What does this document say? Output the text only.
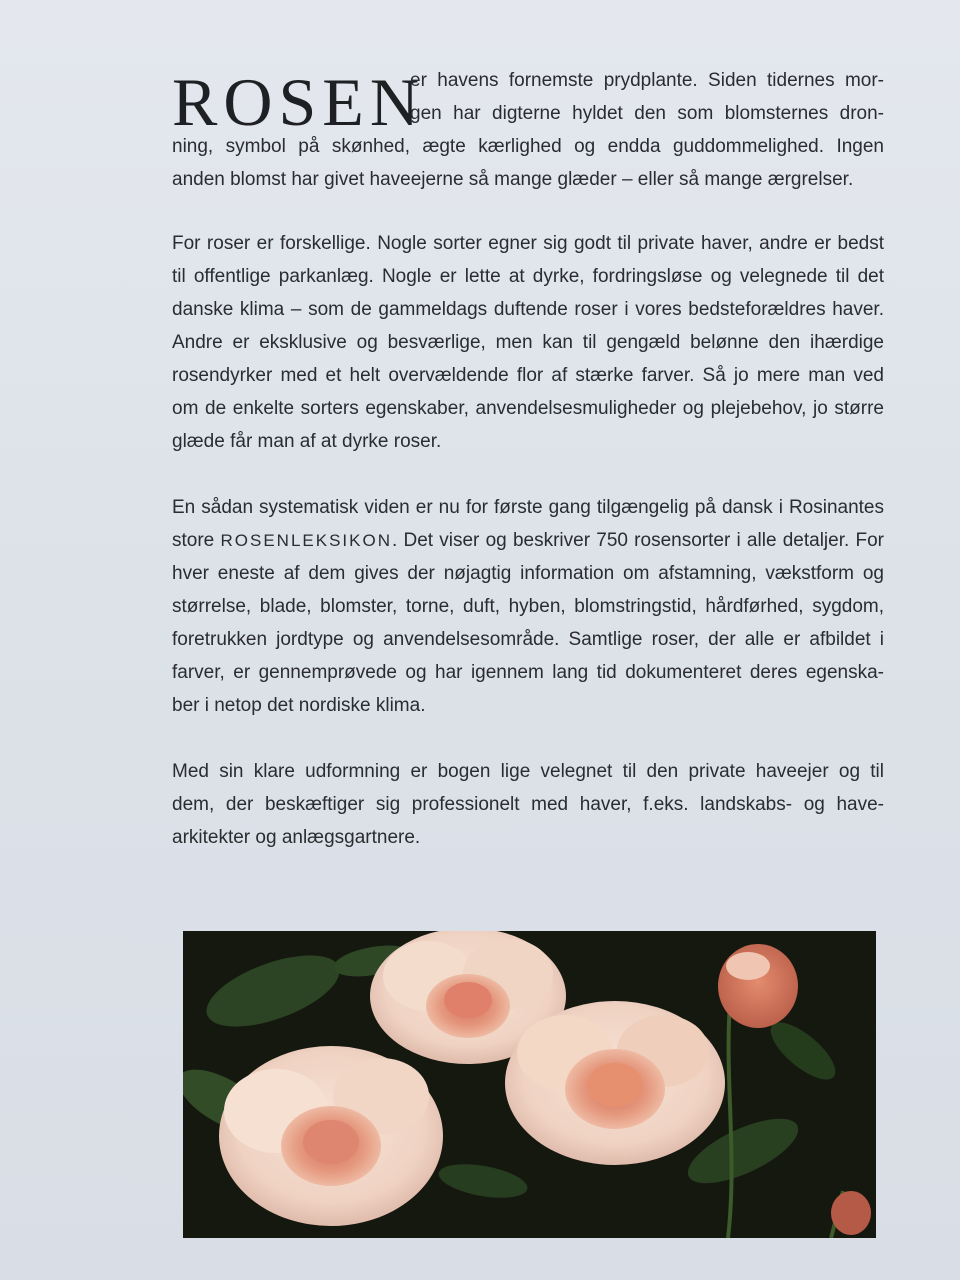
ROSEN
er havens fornemste prydplante. Siden tidernes mor-
gen har digterne hyldet den som blomsternes dron-
ning, symbol på skønhed, ægte kærlighed og endda guddommelighed. Ingen
anden blomst har givet haveejerne så mange glæder – eller så mange ærgrelser.

For roser er forskellige. Nogle sorter egner sig godt til private haver, andre er bedst
til offentlige parkanlæg. Nogle er lette at dyrke, fordringsløse og velegnede til det
danske klima – som de gammeldags duftende roser i vores bedsteforældres haver.
Andre er eksklusive og besværlige, men kan til gengæld belønne den ihærdige
rosendyrker med et helt overvældende flor af stærke farver. Så jo mere man ved
om de enkelte sorters egenskaber, anvendelsesmuligheder og plejebehov, jo større
glæde får man af at dyrke roser.

En sådan systematisk viden er nu for første gang tilgængelig på dansk i Rosinantes
store ROSENLEKSIKON. Det viser og beskriver 750 rosensorter i alle detaljer. For
hver eneste af dem gives der nøjagtig information om afstamning, vækstform og
størrelse, blade, blomster, torne, duft, hyben, blomstringstid, hårdførhed, sygdom,
foretrukken jordtype og anvendelsesområde. Samtlige roser, der alle er afbildet i
farver, er gennemprøvede og har igennem lang tid dokumenteret deres egenska-
ber i netop det nordiske klima.

Med sin klare udformning er bogen lige velegnet til den private haveejer og til
dem, der beskæftiger sig professionelt med haver, f.eks. landskabs- og have-
arkitekter og anlægsgartnere.
